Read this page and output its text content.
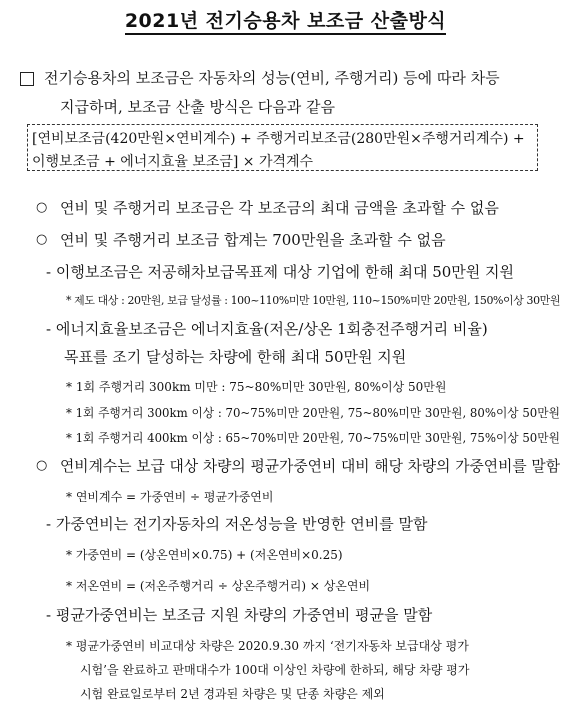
2021년 전기승용차 보조금 산출방식
전기승용차의 보조금은 자동차의 성능(연비, 주행거리) 등에 따라 차등
지급하며, 보조금 산출 방식은 다음과 같음
[연비보조금(420만원×연비계수) + 주행거리보조금(280만원×주행거리계수) +
이행보조금 + 에너지효율 보조금] × 가격계수
○ 연비 및 주행거리 보조금은 각 보조금의 최대 금액을 초과할 수 없음
○ 연비 및 주행거리 보조금 합계는 700만원을 초과할 수 없음
- 이행보조금은 저공해차보급목표제 대상 기업에 한해 최대 50만원 지원
* 제도 대상 : 20만원, 보급 달성률 : 100~110%미만 10만원, 110~150%미만 20만원, 150%이상 30만원
- 에너지효율보조금은 에너지효율(저온/상온 1회충전주행거리 비율)
목표를 조기 달성하는 차량에 한해 최대 50만원 지원
* 1회 주행거리 300km 미만 : 75~80%미만 30만원, 80%이상 50만원
* 1회 주행거리 300km 이상 : 70~75%미만 20만원, 75~80%미만 30만원, 80%이상 50만원
* 1회 주행거리 400km 이상 : 65~70%미만 20만원, 70~75%미만 30만원, 75%이상 50만원
○ 연비계수는 보급 대상 차량의 평균가중연비 대비 해당 차량의 가중연비를 말함
* 연비계수 = 가중연비 ÷ 평균가중연비
- 가중연비는 전기자동차의 저온성능을 반영한 연비를 말함
* 가중연비 = (상온연비×0.75) + (저온연비×0.25)
* 저온연비 = (저온주행거리 ÷ 상온주행거리) × 상온연비
- 평균가중연비는 보조금 지원 차량의 가중연비 평균을 말함
* 평균가중연비 비교대상 차량은 2020.9.30 까지 ‘전기자동차 보급대상 평가
시험’을 완료하고 판매대수가 100대 이상인 차량에 한하되, 해당 차량 평가
시험 완료일로부터 2년 경과된 차량은 및 단종 차량은 제외
